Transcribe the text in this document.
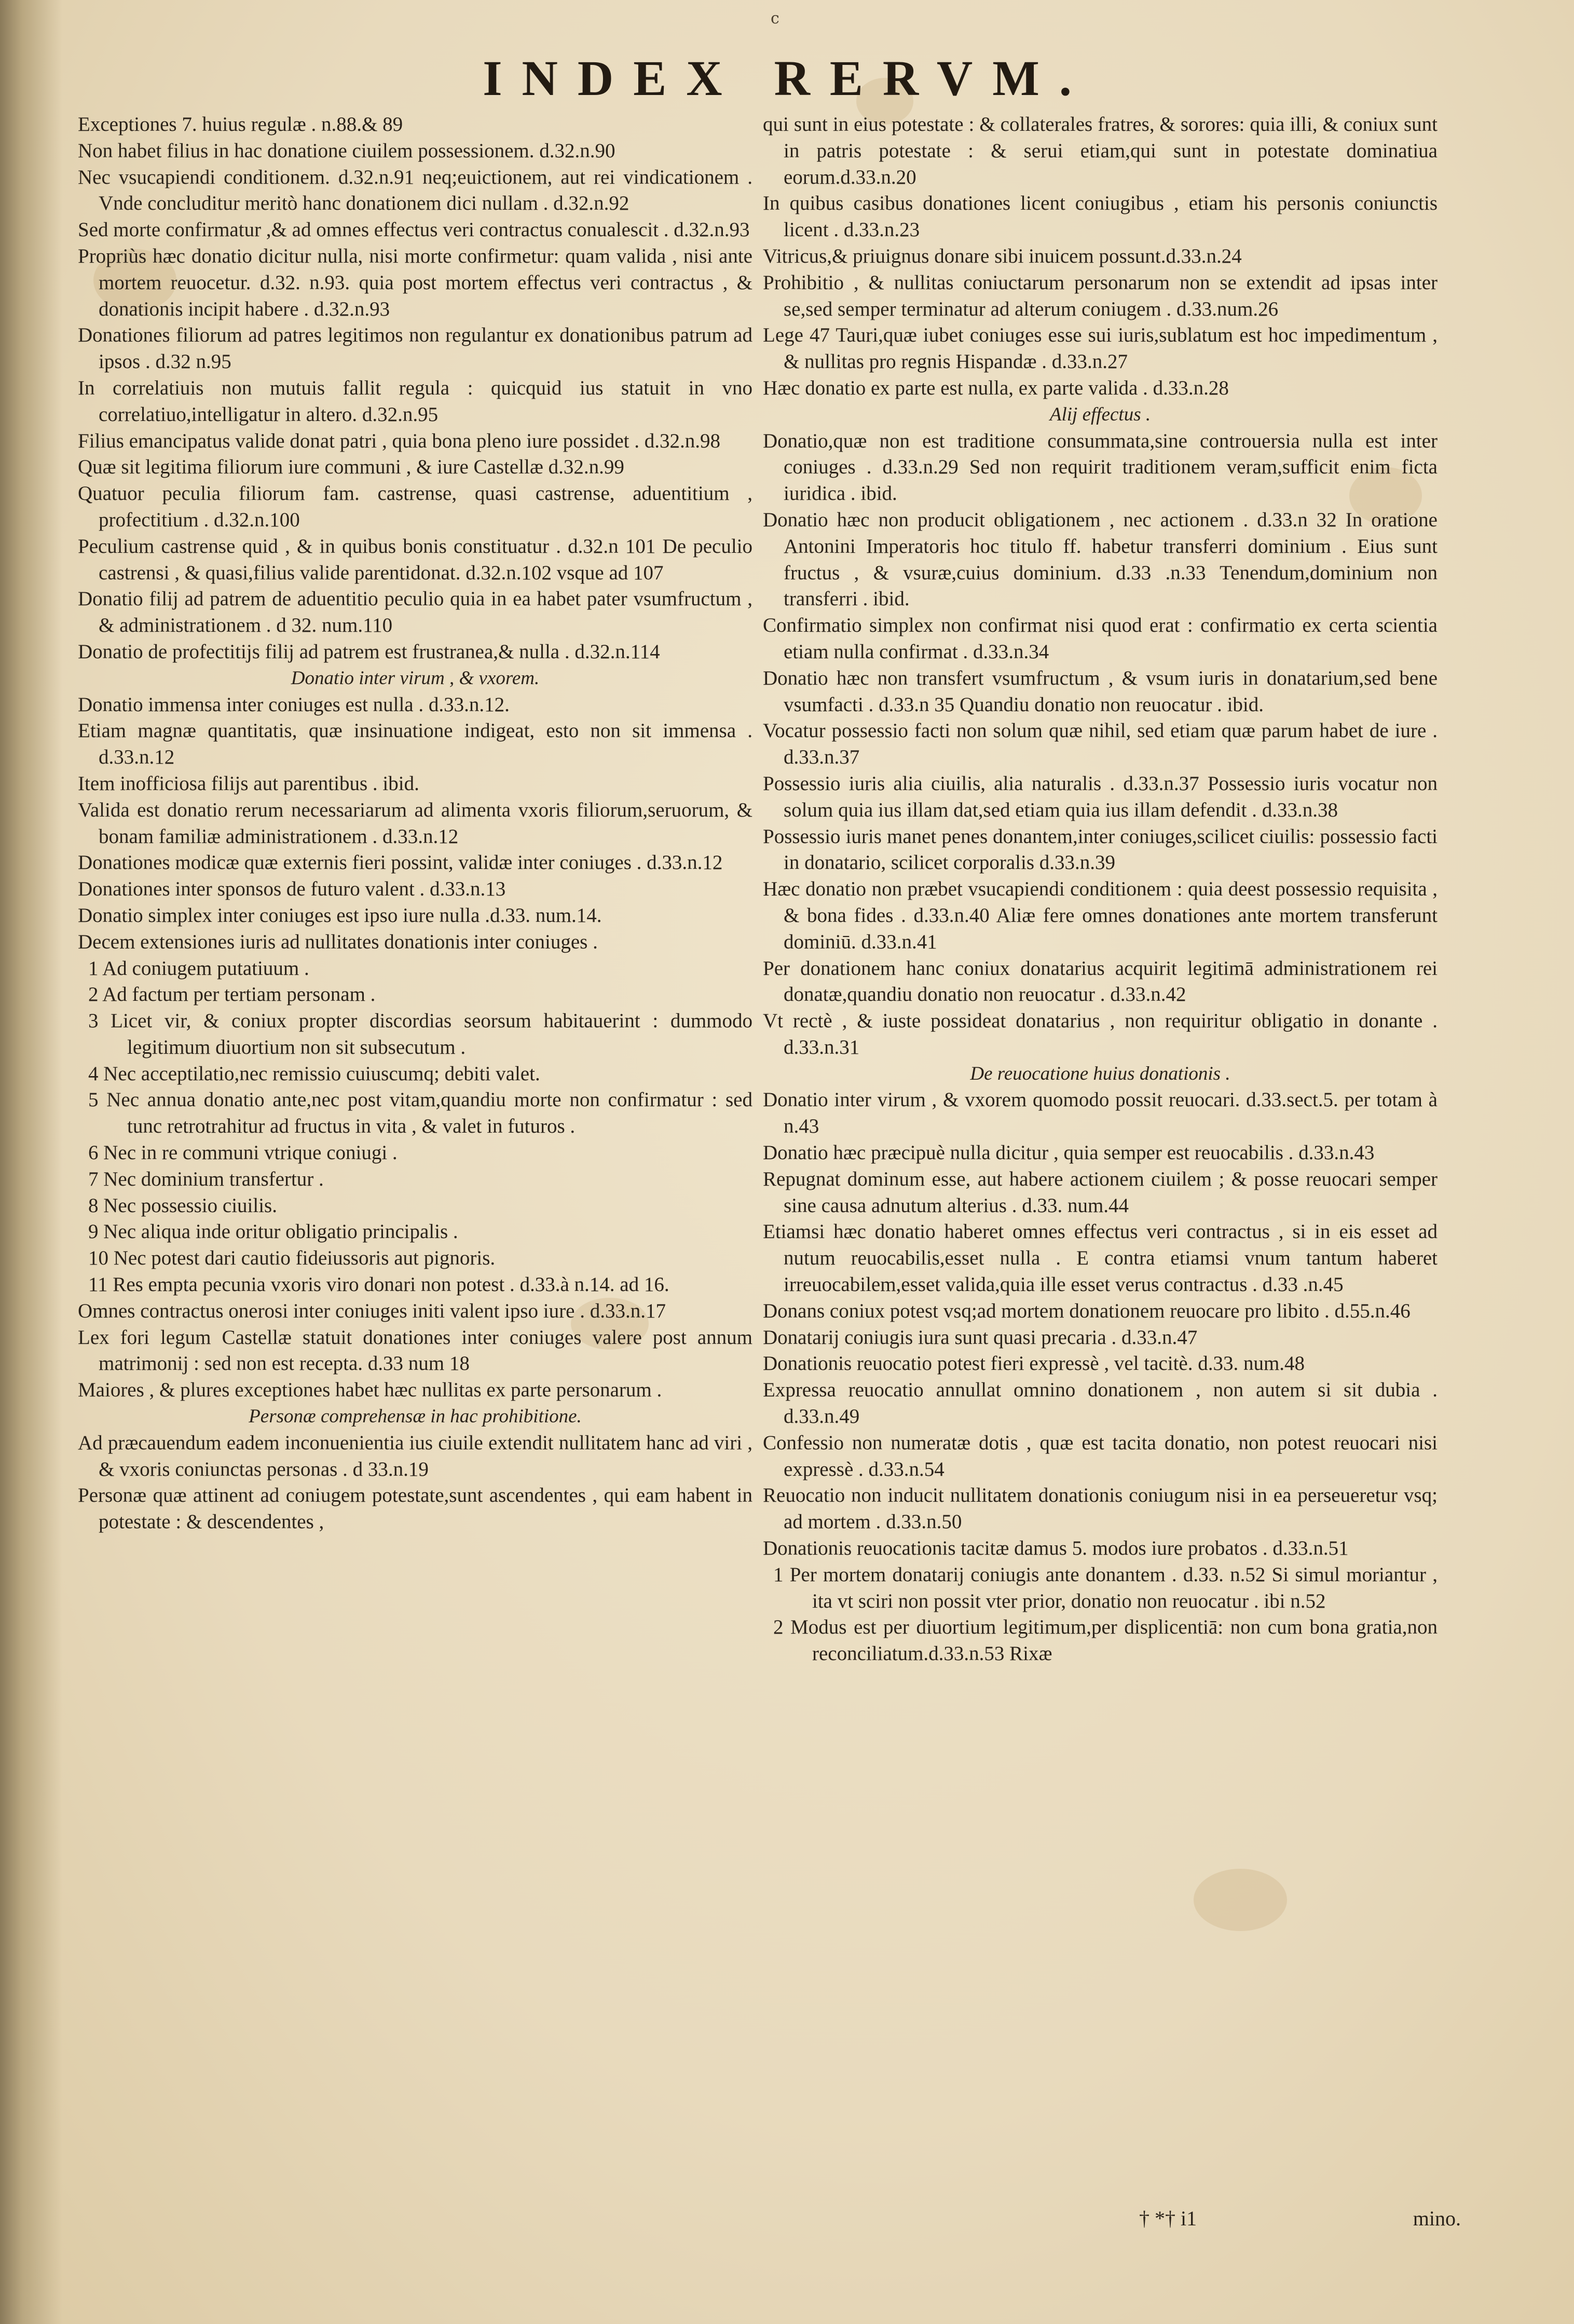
c
INDEX RERVM.
Exceptiones 7. huius regulæ . n.88.& 89
Non habet filius in hac donatione ciuilem possessionem. d.32.n.90
Nec vsucapiendi conditionem. d.32.n.91 neq;euictionem, aut rei vindicationem . Vnde concluditur meritò hanc donationem dici nullam . d.32.n.92
Sed morte confirmatur ,& ad omnes effectus veri contractus conualescit . d.32.n.93
Propriùs hæc donatio dicitur nulla, nisi morte confirmetur: quam valida , nisi ante mortem reuocetur. d.32. n.93. quia post mortem effectus veri contractus , & donationis incipit habere . d.32.n.93
Donationes filiorum ad patres legitimos non regulantur ex donationibus patrum ad ipsos . d.32 n.95
In correlatiuis non mutuis fallit regula : quicquid ius statuit in vno correlatiuo,intelligatur in altero. d.32.n.95
Filius emancipatus valide donat patri , quia bona pleno iure possidet . d.32.n.98
Quæ sit legitima filiorum iure communi , & iure Castellæ d.32.n.99
Quatuor peculia filiorum fam. castrense, quasi castrense, aduentitium , profectitium . d.32.n.100
Peculium castrense quid , & in quibus bonis constituatur . d.32.n 101 De peculio castrensi , & quasi,filius valide parentidonat. d.32.n.102 vsque ad 107
Donatio filij ad patrem de aduentitio peculio quia in ea habet pater vsumfructum , & administrationem . d 32. num.110
Donatio de profectitijs filij ad patrem est frustranea,& nulla . d.32.n.114
Donatio inter virum , & vxorem.
Donatio immensa inter coniuges est nulla . d.33.n.12.
Etiam magnæ quantitatis, quæ insinuatione indigeat, esto non sit immensa . d.33.n.12
Item inofficiosa filijs aut parentibus . ibid.
Valida est donatio rerum necessariarum ad alimenta vxoris filiorum,seruorum, & bonam familiæ administrationem . d.33.n.12
Donationes modicæ quæ externis fieri possint, validæ inter coniuges . d.33.n.12
Donationes inter sponsos de futuro valent . d.33.n.13
Donatio simplex inter coniuges est ipso iure nulla .d.33. num.14.
Decem extensiones iuris ad nullitates donationis inter coniuges .
1 Ad coniugem putatiuum .
2 Ad factum per tertiam personam .
3 Licet vir, & coniux propter discordias seorsum habitauerint : dummodo legitimum diuortium non sit subsecutum .
4 Nec acceptilatio,nec remissio cuiuscumq; debiti valet.
5 Nec annua donatio ante,nec post vitam,quandiu morte non confirmatur : sed tunc retrotrahitur ad fructus in vita , & valet in futuros .
6 Nec in re communi vtrique coniugi .
7 Nec dominium transfertur .
8 Nec possessio ciuilis.
9 Nec aliqua inde oritur obligatio principalis .
10 Nec potest dari cautio fideiussoris aut pignoris.
11 Res empta pecunia vxoris viro donari non potest . d.33.à n.14. ad 16.
Omnes contractus onerosi inter coniuges initi valent ipso iure . d.33.n.17
Lex fori legum Castellæ statuit donationes inter coniuges valere post annum matrimonij : sed non est recepta. d.33 num 18
Maiores , & plures exceptiones habet hæc nullitas ex parte personarum .
Personæ comprehensæ in hac prohibitione.
Ad præcauendum eadem inconuenientia ius ciuile extendit nullitatem hanc ad viri , & vxoris coniunctas personas . d 33.n.19
Personæ quæ attinent ad coniugem potestate,sunt ascendentes , qui eam habent in potestate : & descendentes ,
qui sunt in eius potestate : & collaterales fratres, & sorores: quia illi, & coniux sunt in patris potestate : & serui etiam,qui sunt in potestate dominatiua eorum.d.33.n.20
In quibus casibus donationes licent coniugibus , etiam his personis coniunctis licent . d.33.n.23
Vitricus,& priuignus donare sibi inuicem possunt.d.33.n.24
Prohibitio , & nullitas coniuctarum personarum non se extendit ad ipsas inter se,sed semper terminatur ad alterum coniugem . d.33.num.26
Lege 47 Tauri,quæ iubet coniuges esse sui iuris,sublatum est hoc impedimentum , & nullitas pro regnis Hispandæ . d.33.n.27
Hæc donatio ex parte est nulla, ex parte valida . d.33.n.28
Alij effectus .
Donatio,quæ non est traditione consummata,sine controuersia nulla est inter coniuges . d.33.n.29 Sed non requirit traditionem veram,sufficit enim ficta iuridica . ibid.
Donatio hæc non producit obligationem , nec actionem . d.33.n 32 In oratione Antonini Imperatoris hoc titulo ff. habetur transferri dominium . Eius sunt fructus , & vsuræ,cuius dominium. d.33 .n.33 Tenendum,dominium non transferri . ibid.
Confirmatio simplex non confirmat nisi quod erat : confirmatio ex certa scientia etiam nulla confirmat . d.33.n.34
Donatio hæc non transfert vsumfructum , & vsum iuris in donatarium,sed bene vsumfacti . d.33.n 35 Quandiu donatio non reuocatur . ibid.
Vocatur possessio facti non solum quæ nihil, sed etiam quæ parum habet de iure . d.33.n.37
Possessio iuris alia ciuilis, alia naturalis . d.33.n.37 Possessio iuris vocatur non solum quia ius illam dat,sed etiam quia ius illam defendit . d.33.n.38
Possessio iuris manet penes donantem,inter coniuges,scilicet ciuilis: possessio facti in donatario, scilicet corporalis d.33.n.39
Hæc donatio non præbet vsucapiendi conditionem : quia deest possessio requisita , & bona fides . d.33.n.40 Aliæ fere omnes donationes ante mortem transferunt dominiū. d.33.n.41
Per donationem hanc coniux donatarius acquirit legitimā administrationem rei donatæ,quandiu donatio non reuocatur . d.33.n.42
Vt rectè , & iuste possideat donatarius , non requiritur obligatio in donante . d.33.n.31
De reuocatione huius donationis .
Donatio inter virum , & vxorem quomodo possit reuocari. d.33.sect.5. per totam à n.43
Donatio hæc præcipuè nulla dicitur , quia semper est reuocabilis . d.33.n.43
Repugnat dominum esse, aut habere actionem ciuilem ; & posse reuocari semper sine causa adnutum alterius . d.33. num.44
Etiamsi hæc donatio haberet omnes effectus veri contractus , si in eis esset ad nutum reuocabilis,esset nulla . E contra etiamsi vnum tantum haberet irreuocabilem,esset valida,quia ille esset verus contractus . d.33 .n.45
Donans coniux potest vsq;ad mortem donationem reuocare pro libito . d.55.n.46
Donatarij coniugis iura sunt quasi precaria . d.33.n.47
Donationis reuocatio potest fieri expressè , vel tacitè. d.33. num.48
Expressa reuocatio annullat omnino donationem , non autem si sit dubia . d.33.n.49
Confessio non numeratæ dotis , quæ est tacita donatio, non potest reuocari nisi expressè . d.33.n.54
Reuocatio non inducit nullitatem donationis coniugum nisi in ea perseueretur vsq; ad mortem . d.33.n.50
Donationis reuocationis tacitæ damus 5. modos iure probatos . d.33.n.51
1 Per mortem donatarij coniugis ante donantem . d.33. n.52 Si simul moriantur , ita vt sciri non possit vter prior, donatio non reuocatur . ibi n.52
2 Modus est per diuortium legitimum,per displicentiā: non cum bona gratia,non reconciliatum.d.33.n.53 Rixæ
† *† i1	mino.
